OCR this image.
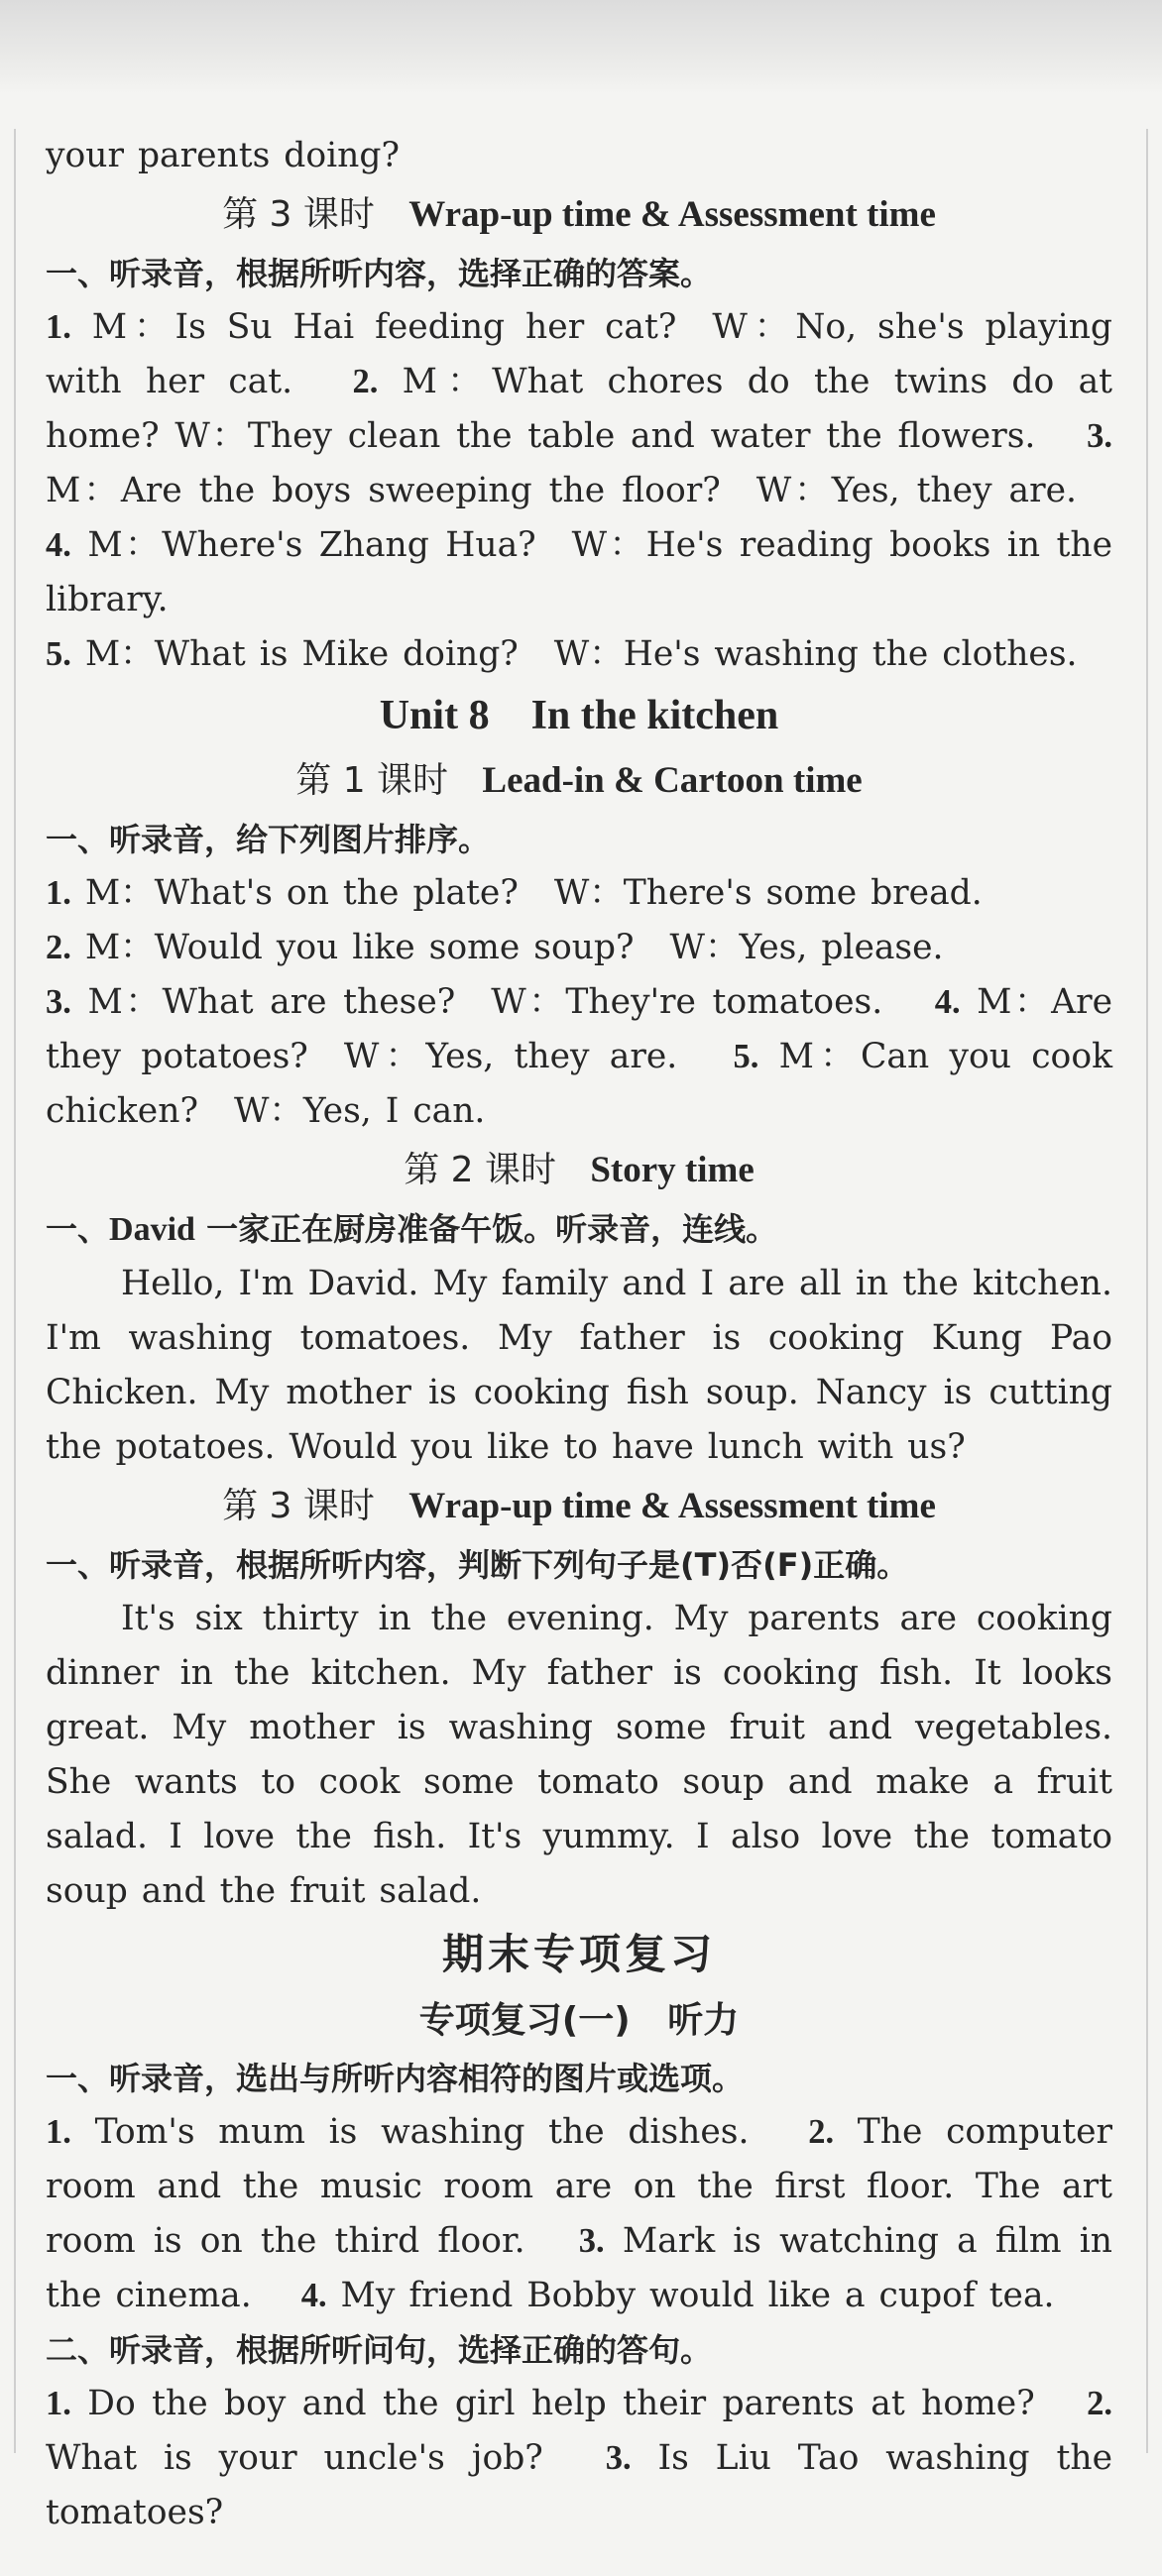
your parents doing?

第 3 课时 Wrap-up time & Assessment time

一、听录音，根据所听内容，选择正确的答案。

1. M：Is Su Hai feeding her cat? W：No, she's playing with her cat. 2. M：What chores do the twins do at home? W：They clean the table and water the flowers. 3. M：Are the boys sweeping the floor? W：Yes, they are. 4. M：Where's Zhang Hua? W：He's reading books in the library.
5. M：What is Mike doing? W：He's washing the clothes.

Unit 8    In the kitchen
第 1 课时 Lead-in & Cartoon time

一、听录音，给下列图片排序。

1. M：What's on the plate? W：There's some bread.
2. M：Would you like some soup? W：Yes, please.
3. M：What are these? W：They're tomatoes. 4. M：Are they potatoes? W：Yes, they are. 5. M：Can you cook chicken? W：Yes, I can.

第 2 课时 Story time

一、David 一家正在厨房准备午饭。听录音，连线。

Hello, I'm David. My family and I are all in the kitchen. I'm washing tomatoes. My father is cooking Kung Pao Chicken. My mother is cooking fish soup. Nancy is cutting the potatoes. Would you like to have lunch with us?

第 3 课时 Wrap-up time & Assessment time

一、听录音，根据所听内容，判断下列句子是(T)否(F)正确。

It's six thirty in the evening. My parents are cooking dinner in the kitchen. My father is cooking fish. It looks great. My mother is washing some fruit and vegetables. She wants to cook some tomato soup and make a fruit salad. I love the fish. It's yummy. I also love the tomato soup and the fruit salad.

期末专项复习
专项复习(一)   听力

一、听录音，选出与所听内容相符的图片或选项。

1. Tom's mum is washing the dishes. 2. The computer room and the music room are on the first floor. The art room is on the third floor. 3. Mark is watching a film in the cinema. 4. My friend Bobby would like a cupof tea.

二、听录音，根据所听问句，选择正确的答句。

1. Do the boy and the girl help their parents at home? 2. What is your uncle's job? 3. Is Liu Tao washing the tomatoes?
